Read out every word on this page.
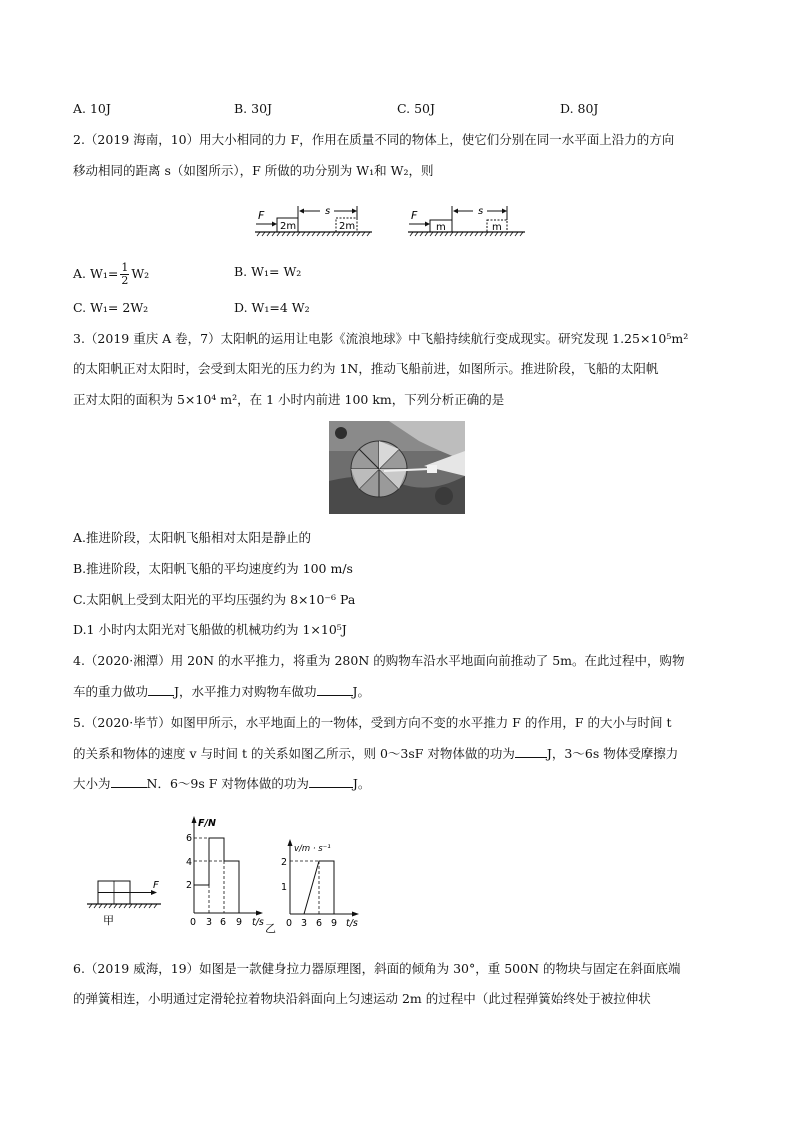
A. 10J	B. 30J	C. 50J	D. 80J
2.（2019 海南，10）用大小相同的力 F，作用在质量不同的物体上，使它们分别在同一水平面上沿力的方向
移动相同的距离 s（如图所示），F 所做的功分别为 W₁和 W₂，则
F
2m
s
2m
F
m
s
m
A. $W_1= \frac{1}{2} W_2$	B. W₁= W₂
C. W₁= 2W₂	D. W₁=4 W₂
3.（2019 重庆 A 卷，7）太阳帆的运用让电影《流浪地球》中飞船持续航行变成现实。研究发现 1.25×10⁵m²
的太阳帆正对太阳时，会受到太阳光的压力约为 1N，推动飞船前进，如图所示。推进阶段，飞船的太阳帆
正对太阳的面积为 5×10⁴ m²，在 1 小时内前进 100 km，下列分析正确的是
A.推进阶段，太阳帆飞船相对太阳是静止的
B.推进阶段，太阳帆飞船的平均速度约为 100 m/s
C.太阳帆上受到太阳光的平均压强约为 8×10⁻⁶ Pa
D.1 小时内太阳光对飞船做的机械功约为 1×10⁵J
4.（2020·湘潭）用 20N 的水平推力，将重为 280N 的购物车沿水平地面向前推动了 5m。在此过程中，购物
车的重力做功 J，水平推力对购物车做功	J。
5.（2020·毕节）如图甲所示，水平地面上的一物体，受到方向不变的水平推力 F 的作用，F 的大小与时间 t
的关系和物体的速度 v 与时间 t 的关系如图乙所示，则 0～3sF 对物体做的功为	J，3～6s 物体受摩擦力
大小为	N．6～9s F 对物体做的功为	J。
F
甲
F/N
6
4
2
0 3 6 9 t/s 乙
v/m · s⁻¹
2
1
0 3 6 9 t/s
6.（2019 威海，19）如图是一款健身拉力器原理图，斜面的倾角为 30°，重 500N 的物块与固定在斜面底端
的弹簧相连，小明通过定滑轮拉着物块沿斜面向上匀速运动 2m 的过程中（此过程弹簧始终处于被拉伸状
